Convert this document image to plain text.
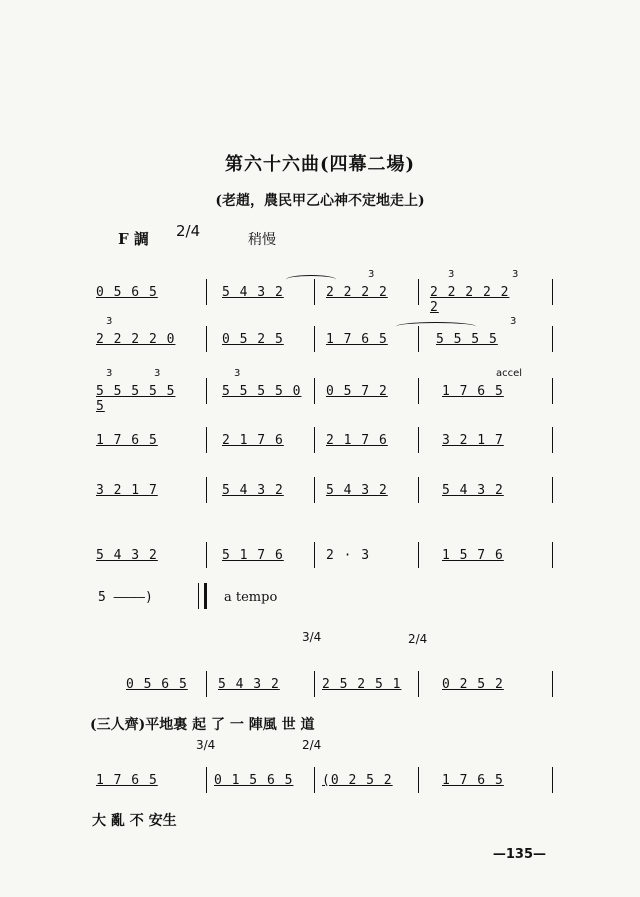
第六十六曲(四幕二場)
(老趙，農民甲乙心神不定地走上)
F 調 2/4	稍慢
0 5 6 5	5 4 3 2	2 2 2 2	2 2 2 2 2 2
3	3	3
2 2 2 2 0	0 5 2 5	1 7 6 5	5 5 5 5
3	3
5 5 5 5 5 5
5 5 5 5 0	0 5 7 2	1 7 6 5
3	3	3	accel
1 7 6 5	2 1 7 6	2 1 7 6	3 2 1 7
3 2 1 7	5 4 3 2	5 4 3 2	5 4 3 2
5 4 3 2	5 1 7 6	2 · 3	1 5 7 6
5 ————)	a tempo
3/4	2/4
0 5 6 5	5 4 3 2	2 5 2 5 1	0 2 5 2
(三人齊)平地裏 起 了 一 陣風 世 道
3/4	2/4
1 7 6 5	0 1 5 6 5	(0 2 5 2	1 7 6 5
大 亂 不 安生
—135—
